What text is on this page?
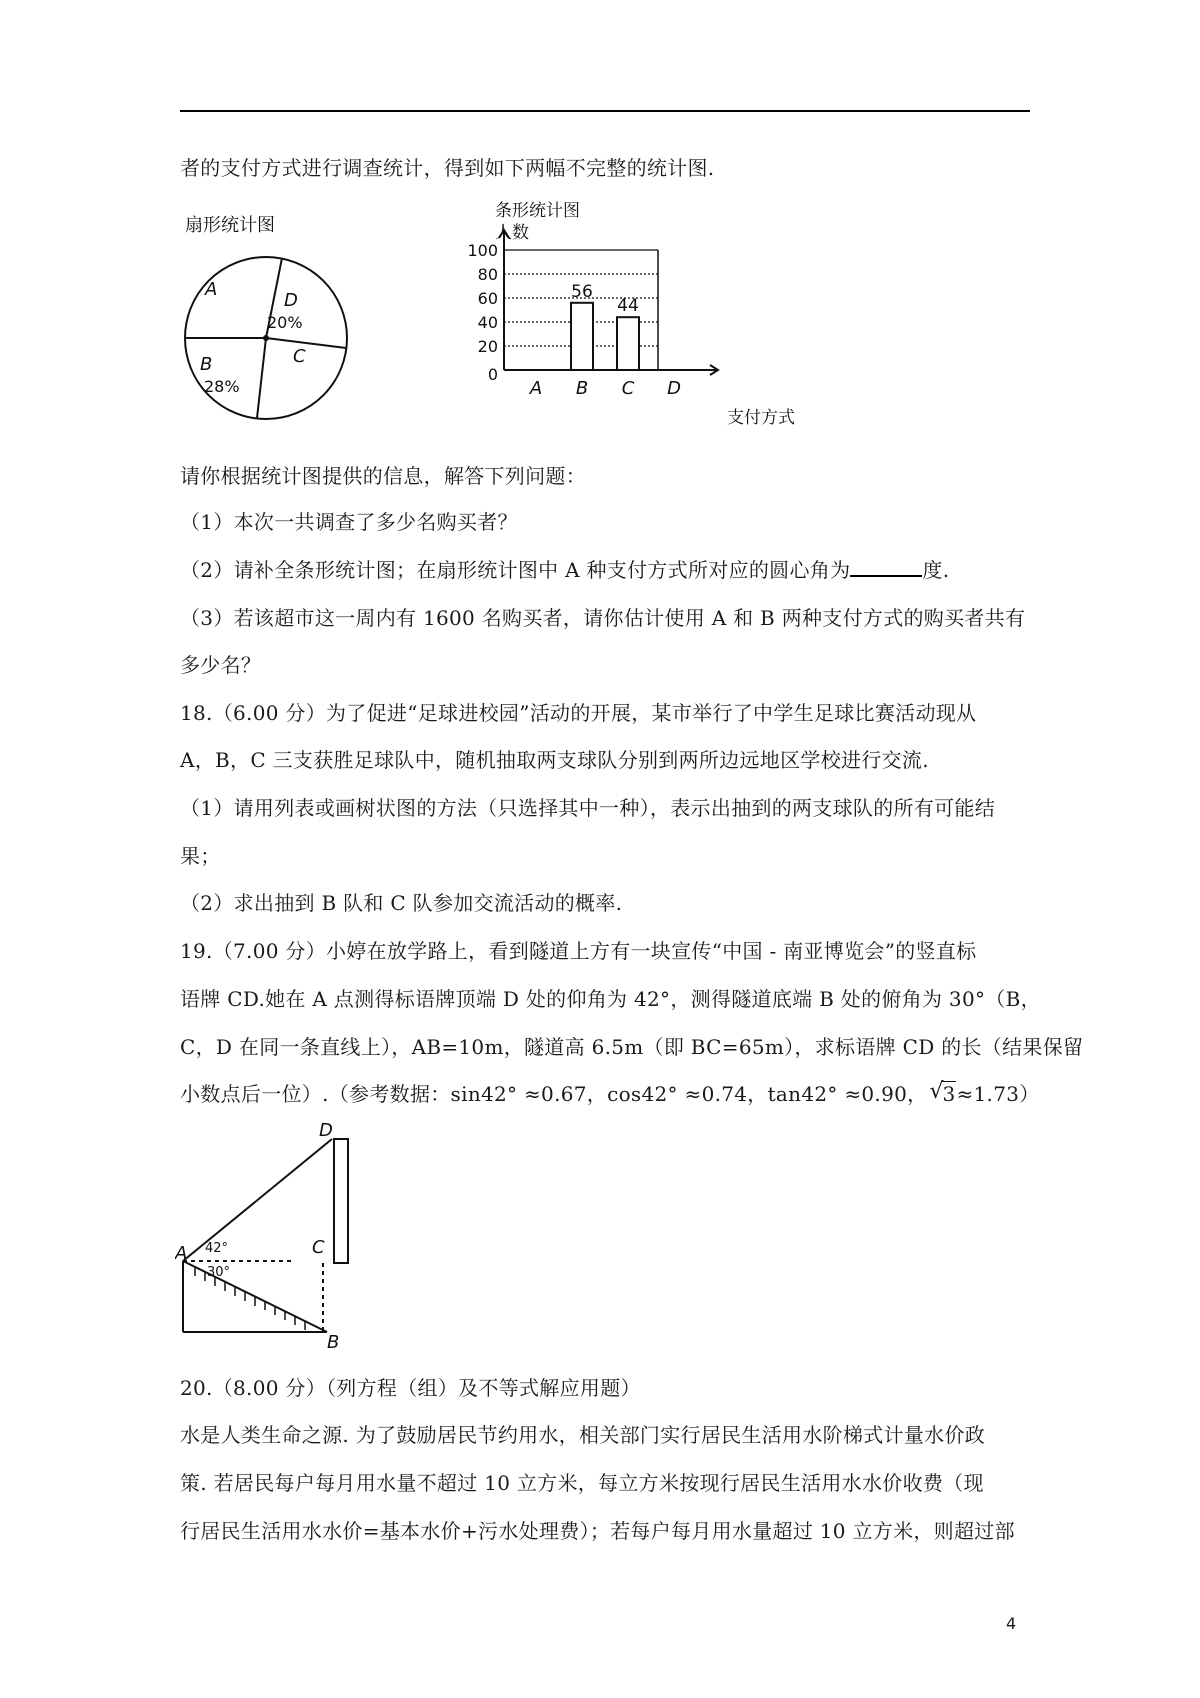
者的支付方式进行调查统计，得到如下两幅不完整的统计图.
扇形统计图
A
D
20%
C
B
28%
条形统计图
人数
0
20
40
60
80
100
A B
56
C
44
D
支付方式
请你根据统计图提供的信息，解答下列问题：
（1）本次一共调查了多少名购买者？
（2）请补全条形统计图；在扇形统计图中 A 种支付方式所对应的圆心角为	度.
（3）若该超市这一周内有 1600 名购买者，请你估计使用 A 和 B 两种支付方式的购买者共有
多少名？
18.（6.00 分）为了促进“足球进校园”活动的开展，某市举行了中学生足球比赛活动现从
A，B，C 三支获胜足球队中，随机抽取两支球队分别到两所边远地区学校进行交流.
（1）请用列表或画树状图的方法（只选择其中一种），表示出抽到的两支球队的所有可能结
果；
（2）求出抽到 B 队和 C 队参加交流活动的概率.
19.（7.00 分）小婷在放学路上，看到隧道上方有一块宣传“中国 - 南亚博览会”的竖直标
语牌 CD.她在 A 点测得标语牌顶端 D 处的仰角为 42°，测得隧道底端 B 处的俯角为 30°（B，
C，D 在同一条直线上），AB=10m，隧道高 6.5m（即 BC=65m），求标语牌 CD 的长（结果保留
小数点后一位）.（参考数据：sin42° ≈0.67，cos42° ≈0.74，tan42° ≈0.90， √
3≈1.73）
D
C
A
B
42°
30°
20.（8.00 分）（列方程（组）及不等式解应用题）
水是人类生命之源. 为了鼓励居民节约用水，相关部门实行居民生活用水阶梯式计量水价政
策. 若居民每户每月用水量不超过 10 立方米，每立方米按现行居民生活用水水价收费（现
行居民生活用水水价=基本水价+污水处理费）；若每户每月用水量超过 10 立方米，则超过部
4
